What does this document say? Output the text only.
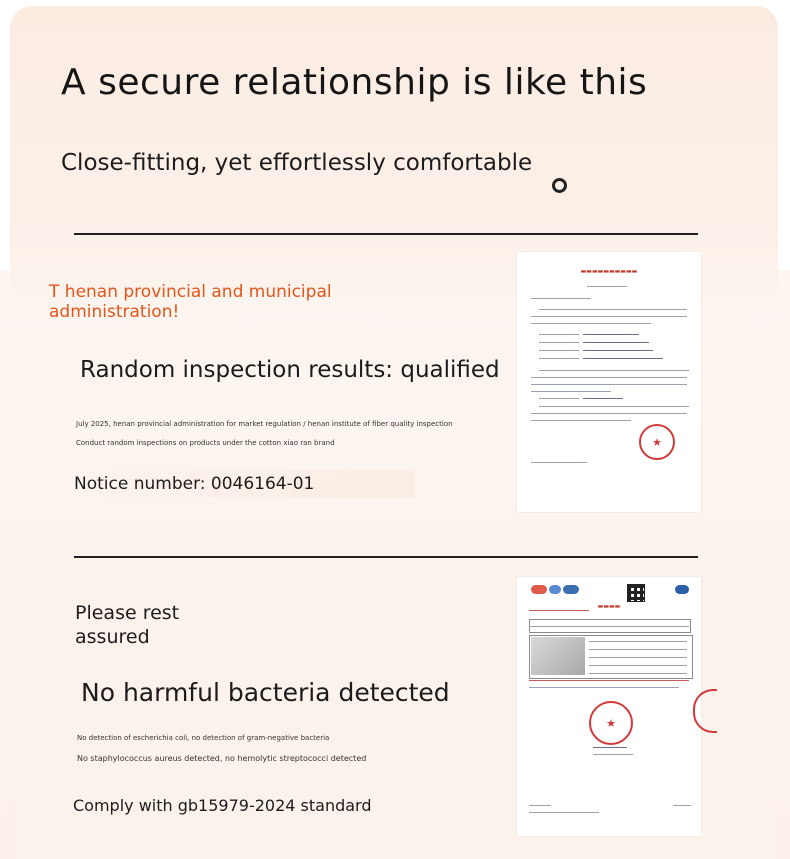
A secure relationship is like this
Close-fitting, yet effortlessly comfortable
T henan provincial and municipal administration!
Random inspection results: qualified
July 2025, henan provincial administration for market regulation / henan institute of fiber quality inspection
Conduct random inspections on products under the cotton xiao ran brand
Notice number: 0046164-01
▬▬▬▬▬▬▬▬▬▬
★
Please rest assured
No harmful bacteria detected
No detection of escherichia coli, no detection of gram-negative bacteria
No staphylococcus aureus detected, no hemolytic streptococci detected
Comply with gb15979-2024 standard
▬▬▬▬
★
